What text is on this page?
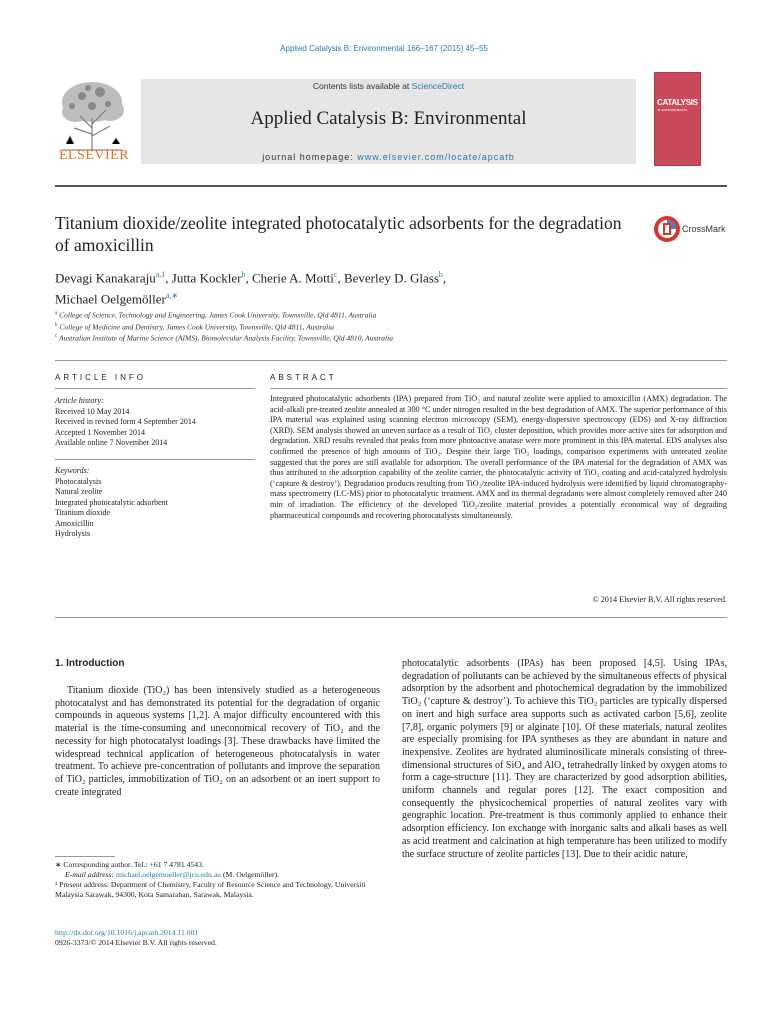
Applied Catalysis B: Environmental 166–167 (2015) 45–55
ELSEVIER
Contents lists available at ScienceDirect
Applied Catalysis B: Environmental
journal homepage: www.elsevier.com/locate/apcatb
CATALYSIS
B: ENVIRONMENTAL
Titanium dioxide/zeolite integrated photocatalytic adsorbents for the degradation of amoxicillin
CrossMark
Devagi Kanakaraju$^{a,1}$, Jutta Kockler$^b$, Cherie A. Motti$^c$, Beverley D. Glass$^b$,
Michael Oelgemöller$^{a,∗}$
$^a$ College of Science, Technology and Engineering, James Cook University, Townsville, Qld 4811, Australia
$^b$ College of Medicine and Dentistry, James Cook University, Townsville, Qld 4811, Australia
$^c$ Australian Institute of Marine Science (AIMS), Biomolecular Analysis Facility, Townsville, Qld 4810, Australia
ARTICLE INFO	ABSTRACT
Article history:
Received 10 May 2014
Received in revised form 4 September 2014
Accepted 1 November 2014
Available online 7 November 2014
Keywords:
Photocatalysis
Natural zeolite
Integrated photocatalytic adsorbent
Titanium dioxide
Amoxicillin
Hydrolysis
Integrated photocatalytic adsorbents (IPA) prepared from TiO₂ and natural zeolite were applied to amoxicillin (AMX) degradation. The acid-alkali pre-treated zeolite annealed at 300 °C under nitrogen resulted in the best degradation of AMX. The superior performance of this IPA material was explained using scanning electron microscopy (SEM), energy-dispersive spectroscopy (EDS) and X-ray diffraction (XRD). SEM analysis showed an uneven surface as a result of TiO₂ cluster deposition, which provides more active sites for adsorption and degradation. XRD results revealed that peaks from more photoactive anatase were more prominent in this IPA material. EDS analyses also confirmed the presence of high amounts of TiO₂. Despite their large TiO₂ loadings, comparison experiments with untreated zeolite suggested that the pores are still available for adsorption. The overall performance of the IPA material for the degradation of AMX was thus attributed to the adsorption capability of the zeolite carrier, the photocatalytic activity of TiO₂ coating and acid-catalyzed hydrolysis (‘capture & destroy’). Degradation products resulting from TiO₂/zeolite IPA-induced hydrolysis were identified by liquid chromatography-mass spectrometry (LC-MS) prior to photocatalytic treatment. AMX and its thermal degradants were almost completely removed after 240 min of irradiation. The efficiency of the developed TiO₂/zeolite material provides a potentially economical way of degrading pharmaceutical compounds and recovering photocatalysts simultaneously.
© 2014 Elsevier B.V. All rights reserved.
1. Introduction
Titanium dioxide (TiO₂) has been intensively studied as a heterogeneous photocatalyst and has demonstrated its potential for the degradation of organic compounds in aqueous systems [1,2]. A major difficulty encountered with this material is the time-consuming and uneconomical recovery of TiO₂ and the necessity for high photocatalyst loadings [3]. These drawbacks have limited the widespread technical application of heterogeneous photocatalysis in water treatment. To achieve pre-concentration of pollutants and improve the separation of TiO₂ particles, immobilization of TiO₂ on an adsorbent or an inert support to create integrated
photocatalytic adsorbents (IPAs) has been proposed [4,5]. Using IPAs, degradation of pollutants can be achieved by the simultaneous effects of physical adsorption by the adsorbent and photochemical degradation by the immobilized TiO₂ (‘capture & destroy’). To achieve this TiO₂ particles are typically dispersed on inert and high surface area supports such as activated carbon [5,6], zeolite [7,8], organic polymers [9] or alginate [10]. Of these materials, natural zeolites are especially promising for IPA syntheses as they are abundant in nature and inexpensive. Zeolites are hydrated aluminosilicate minerals consisting of three-dimensional structures of SiO₄ and AlO₄ tetrahedrally linked by oxygen atoms to form a cage-structure [11]. They are characterized by good adsorption abilities, uniform channels and regular pores [12]. The exact composition and consequently the physicochemical properties of natural zeolites vary with geographic location. Pre-treatment is thus commonly applied to enhance their adsorption efficiency. Ion exchange with inorganic salts and alkali bases as well as acid treatment and calcination at high temperature has been utilized to modify the surface structure of zeolite particles [13]. Due to their acidic nature,
∗ Corresponding author. Tel.: +61 7 4781 4543.
E-mail address: michael.oelgemoeller@jcu.edu.au (M. Oelgemöller).
¹ Present address: Department of Chemistry, Faculty of Resource Science and Technology, Universiti Malaysia Sarawak, 94300, Kota Samarahan, Sarawak, Malaysia.
http://dx.doi.org/10.1016/j.apcatb.2014.11.001
0926-3373/© 2014 Elsevier B.V. All rights reserved.
